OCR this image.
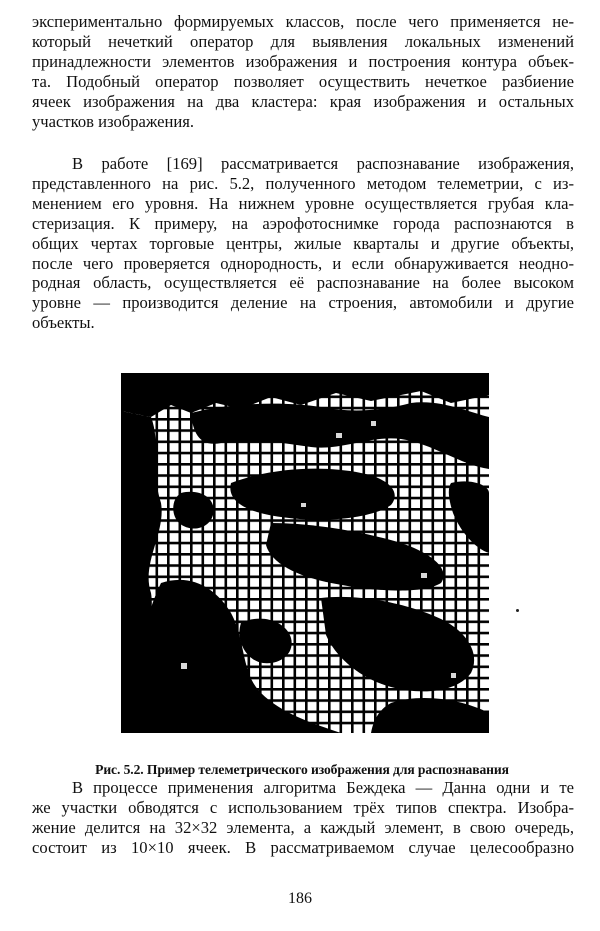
экспериментально формируемых классов, после чего применяется не-
который нечеткий оператор для выявления локальных изменений
принадлежности элементов изображения и построения контура объек-
та. Подобный оператор позволяет осуществить нечеткое разбиение
ячеек изображения на два кластера: края изображения и остальных
участков изображения.

В работе [169] рассматривается распознавание изображения,
представленного на рис. 5.2, полученного методом телеметрии, с из-
менением его уровня. На нижнем уровне осуществляется грубая кла-
стеризация. К примеру, на аэрофотоснимке города распознаются в
общих чертах торговые центры, жилые кварталы и другие объекты,
после чего проверяется однородность, и если обнаруживается неодно-
родная область, осуществляется её распознавание на более высоком
уровне — производится деление на строения, автомобили и другие
объекты.

Рис. 5.2. Пример телеметрического изображения для распознавания

В процессе применения алгоритма Беждека — Данна одни и те
же участки обводятся с использованием трёх типов спектра. Изобра-
жение делится на 32×32 элемента, а каждый элемент, в свою очередь,
состоит из 10×10 ячеек. В рассматриваемом случае целесообразно

186
